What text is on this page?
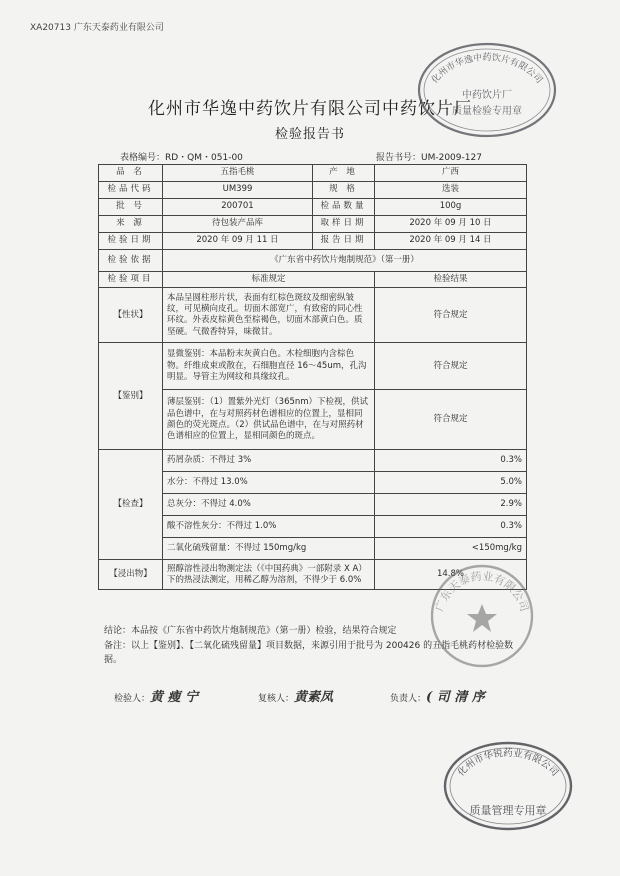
XA20713 广东天泰药业有限公司
化州市华逸中药饮片有限公司中药饮片厂
检验报告书
表格编号：RD・QM・051-00	报告书号：UM-2009-127
品 名	五指毛桃	产 地	广西
检品代码	UM399	规 格	选装
批 号	200701	检品数量	100g
来 源	待包装产品库	取样日期	2020 年 09 月 10 日
检验日期	2020 年 09 月 11 日	报告日期	2020 年 09 月 14 日
检验依据	《广东省中药饮片炮制规范》（第一册）		
检验项目	标准规定		检验结果
【性状】	本品呈圆柱形片状，表面有红棕色斑纹及细密纵皱纹，可见横向皮孔。切面木部宽广，有致密的同心性环纹。外表皮棕黄色至棕褐色，切面木部黄白色。质坚硬。气微香特异，味微甘。		符合规定
【鉴别】	显微鉴别：本品粉末灰黄白色。木栓细胞内含棕色物。纤维成束或散在，石细胞直径 16～45um，孔沟明显。导管主为网纹和具缘纹孔。		符合规定
	薄层鉴别：（1）置紫外光灯（365nm）下检视，供试品色谱中，在与对照药材色谱相应的位置上，显相同颜色的荧光斑点。（2）供试品色谱中，在与对照药材色谱相应的位置上，显相同颜色的斑点。		符合规定
【检查】	药屑杂质：不得过 3%		0.3%
	水分：不得过 13.0%		5.0%
	总灰分：不得过 4.0%		2.9%
	酸不溶性灰分：不得过 1.0%		0.3%
	二氧化硫残留量：不得过 150mg/kg		<150mg/kg
【浸出物】	照醇溶性浸出物测定法（《中国药典》一部附录 X A）下的热浸法测定，用稀乙醇为溶剂，不得少于 6.0%		14.8%
结论：本品按《广东省中药饮片炮制规范》（第一册）检验，结果符合规定
备注：以上【鉴别】、【二氧化硫残留量】项目数据，来源引用于批号为 200426 的五指毛桃药材检验数据。
检验人：黄 瘦 宁	复核人：黄素凤	负责人：( 司 清 序
化州市华逸中药饮片有限公司
中药饮片厂
质量检验专用章
广东天泰药业有限公司
化州市华锐药业有限公司
质量管理专用章
